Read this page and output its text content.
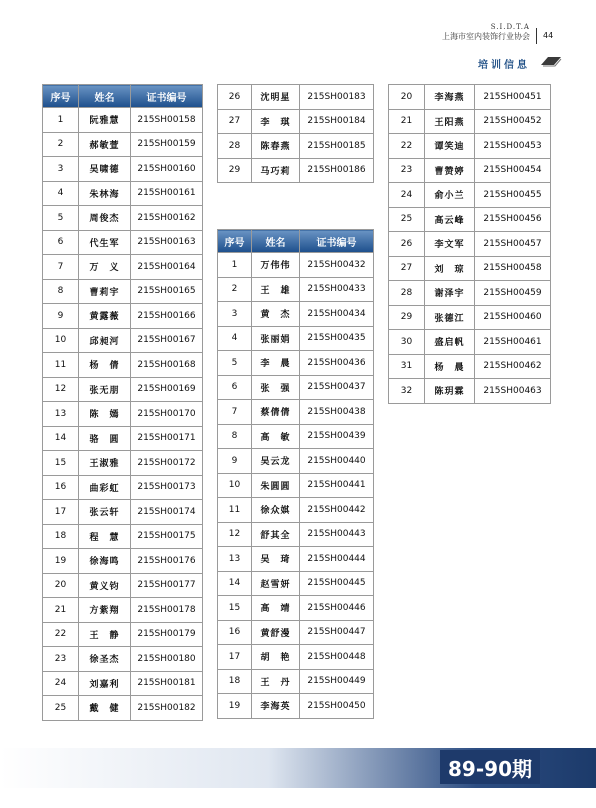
S.I.D.T.A
上海市室内装饰行业协会 44
培训信息
序号	姓名	证书编号
1	阮雅慧	215SH00158
2	郝敏萱	215SH00159
3	吴啸德	215SH00160
4	朱林海	215SH00161
5	周俊杰	215SH00162
6	代生军	215SH00163
7	万　义	215SH00164
8	曹莉宇	215SH00165
9	黄露薇	215SH00166
10	邱昶河	215SH00167
11	杨　倩	215SH00168
12	张无朋	215SH00169
13	陈　嫣	215SH00170
14	骆　圆	215SH00171
15	王淑雅	215SH00172
16	曲彩虹	215SH00173
17	张云轩	215SH00174
18	程　慧	215SH00175
19	徐海鸣	215SH00176
20	黄义钧	215SH00177
21	方紫翔	215SH00178
22	王　静	215SH00179
23	徐圣杰	215SH00180
24	刘嘉利	215SH00181
25	戴　健	215SH00182
26	沈明星	215SH00183
27	李　琪	215SH00184
28	陈春燕	215SH00185
29	马巧莉	215SH00186
序号	姓名	证书编号
1	万伟伟	215SH00432
2	王　雄	215SH00433
3	黄　杰	215SH00434
4	张丽娟	215SH00435
5	李　晨	215SH00436
6	张　强	215SH00437
7	蔡倩倩	215SH00438
8	高　敏	215SH00439
9	吴云龙	215SH00440
10	朱圆圆	215SH00441
11	徐众娸	215SH00442
12	舒其全	215SH00443
13	吴　琦	215SH00444
14	赵雪妍	215SH00445
15	高　靖	215SH00446
16	黄舒漫	215SH00447
17	胡　艳	215SH00448
18	王　丹	215SH00449
19	李海英	215SH00450
20	李海燕	215SH00451
21	王阳燕	215SH00452
22	谭笑迪	215SH00453
23	曹赞婷	215SH00454
24	俞小兰	215SH00455
25	高云峰	215SH00456
26	李文军	215SH00457
27	刘　琼	215SH00458
28	谢泽宇	215SH00459
29	张德江	215SH00460
30	盛启帆	215SH00461
31	杨　晨	215SH00462
32	陈玥霖	215SH00463
89-90期
